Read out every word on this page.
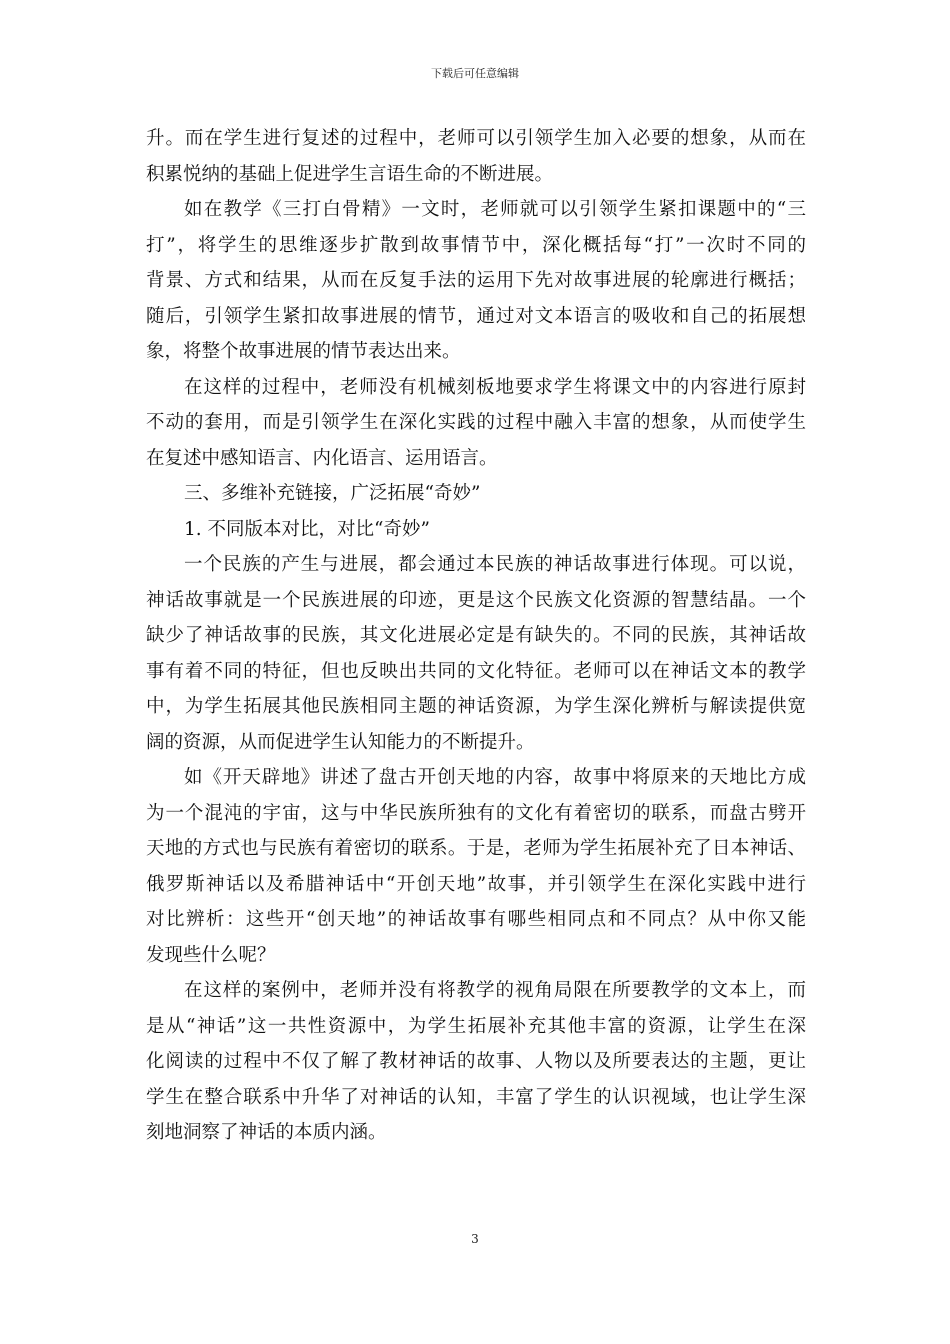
下载后可任意编辑
升。而在学生进行复述的过程中，老师可以引领学生加入必要的想象，从而在
积累悦纳的基础上促进学生言语生命的不断进展。
如在教学《三打白骨精》一文时，老师就可以引领学生紧扣课题中的“三
打”，将学生的思维逐步扩散到故事情节中，深化概括每“打”一次时不同的
背景、方式和结果，从而在反复手法的运用下先对故事进展的轮廓进行概括；
随后，引领学生紧扣故事进展的情节，通过对文本语言的吸收和自己的拓展想
象，将整个故事进展的情节表达出来。
在这样的过程中，老师没有机械刻板地要求学生将课文中的内容进行原封
不动的套用，而是引领学生在深化实践的过程中融入丰富的想象，从而使学生
在复述中感知语言、内化语言、运用语言。
三、多维补充链接，广泛拓展“奇妙”
1. 不同版本对比，对比“奇妙”
一个民族的产生与进展，都会通过本民族的神话故事进行体现。可以说，
神话故事就是一个民族进展的印迹，更是这个民族文化资源的智慧结晶。一个
缺少了神话故事的民族，其文化进展必定是有缺失的。不同的民族，其神话故
事有着不同的特征，但也反映出共同的文化特征。老师可以在神话文本的教学
中，为学生拓展其他民族相同主题的神话资源，为学生深化辨析与解读提供宽
阔的资源，从而促进学生认知能力的不断提升。
如《开天辟地》讲述了盘古开创天地的内容，故事中将原来的天地比方成
为一个混沌的宇宙，这与中华民族所独有的文化有着密切的联系，而盘古劈开
天地的方式也与民族有着密切的联系。于是，老师为学生拓展补充了日本神话、
俄罗斯神话以及希腊神话中“开创天地”故事，并引领学生在深化实践中进行
对比辨析：这些开“创天地”的神话故事有哪些相同点和不同点？从中你又能
发现些什么呢？
在这样的案例中，老师并没有将教学的视角局限在所要教学的文本上，而
是从“神话”这一共性资源中，为学生拓展补充其他丰富的资源，让学生在深
化阅读的过程中不仅了解了教材神话的故事、人物以及所要表达的主题，更让
学生在整合联系中升华了对神话的认知，丰富了学生的认识视域，也让学生深
刻地洞察了神话的本质内涵。
3
